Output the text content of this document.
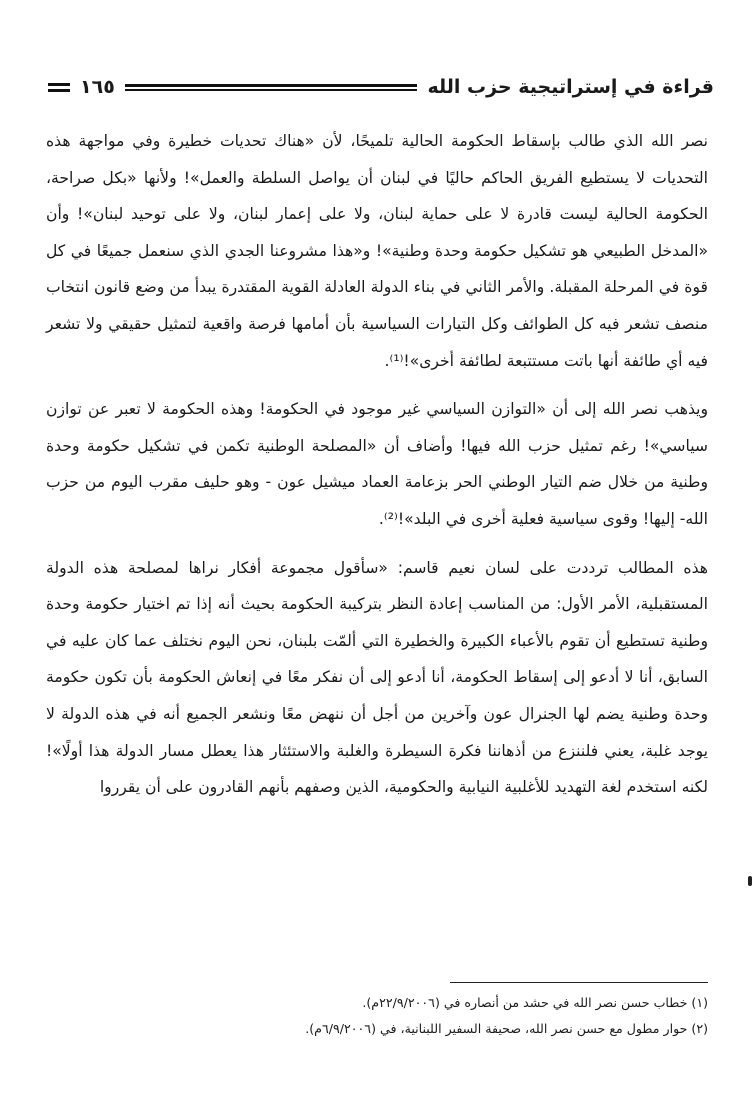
قراءة في إستراتيجية حزب الله
١٦٥

نصر الله الذي طالب بإسقاط الحكومة الحالية تلميحًا، لأن «هناك تحديات خطيرة وفي مواجهة هذه التحديات لا يستطيع الفريق الحاكم حاليًا في لبنان أن يواصل السلطة والعمل»! ولأنها «بكل صراحة، الحكومة الحالية ليست قادرة لا على حماية لبنان، ولا على إعمار لبنان، ولا على توحيد لبنان»! وأن «المدخل الطبيعي هو تشكيل حكومة وحدة وطنية»! و«هذا مشروعنا الجدي الذي سنعمل جميعًا في كل قوة في المرحلة المقبلة. والأمر الثاني في بناء الدولة العادلة القوية المقتدرة يبدأ من وضع قانون انتخاب منصف تشعر فيه كل الطوائف وكل التيارات السياسية بأن أمامها فرصة واقعية لتمثيل حقيقي ولا تشعر فيه أي طائفة أنها باتت مستتبعة لطائفة أخرى»!⁽¹⁾.

ويذهب نصر الله إلى أن «التوازن السياسي غير موجود في الحكومة! وهذه الحكومة لا تعبر عن توازن سياسي»! رغم تمثيل حزب الله فيها! وأضاف أن «المصلحة الوطنية تكمن في تشكيل حكومة وحدة وطنية من خلال ضم التيار الوطني الحر بزعامة العماد ميشيل عون - وهو حليف مقرب اليوم من حزب الله- إليها! وقوى سياسية فعلية أخرى في البلد»!⁽²⁾.

هذه المطالب ترددت على لسان نعيم قاسم: «سأقول مجموعة أفكار نراها لمصلحة هذه الدولة المستقبلية، الأمر الأول: من المناسب إعادة النظر بتركيبة الحكومة بحيث أنه إذا تم اختيار حكومة وحدة وطنية تستطيع أن تقوم بالأعباء الكبيرة والخطيرة التي ألمّت بلبنان، نحن اليوم نختلف عما كان عليه في السابق، أنا لا أدعو إلى إسقاط الحكومة، أنا أدعو إلى أن نفكر معًا في إنعاش الحكومة بأن تكون حكومة وحدة وطنية يضم لها الجنرال عون وآخرين من أجل أن ننهض معًا ونشعر الجميع أنه في هذه الدولة لا يوجد غلبة، يعني فلننزع من أذهاننا فكرة السيطرة والغلبة والاستئثار هذا يعطل مسار الدولة هذا أولًا»! لكنه استخدم لغة التهديد للأغلبية النيابية والحكومية، الذين وصفهم بأنهم القادرون على أن يقرروا

(١) خطاب حسن نصر الله في حشد من أنصاره في (٢٢/٩/٢٠٠٦م).
(٢) حوار مطول مع حسن نصر الله، صحيفة السفير اللبنانية، في (٦/٩/٢٠٠٦م).
